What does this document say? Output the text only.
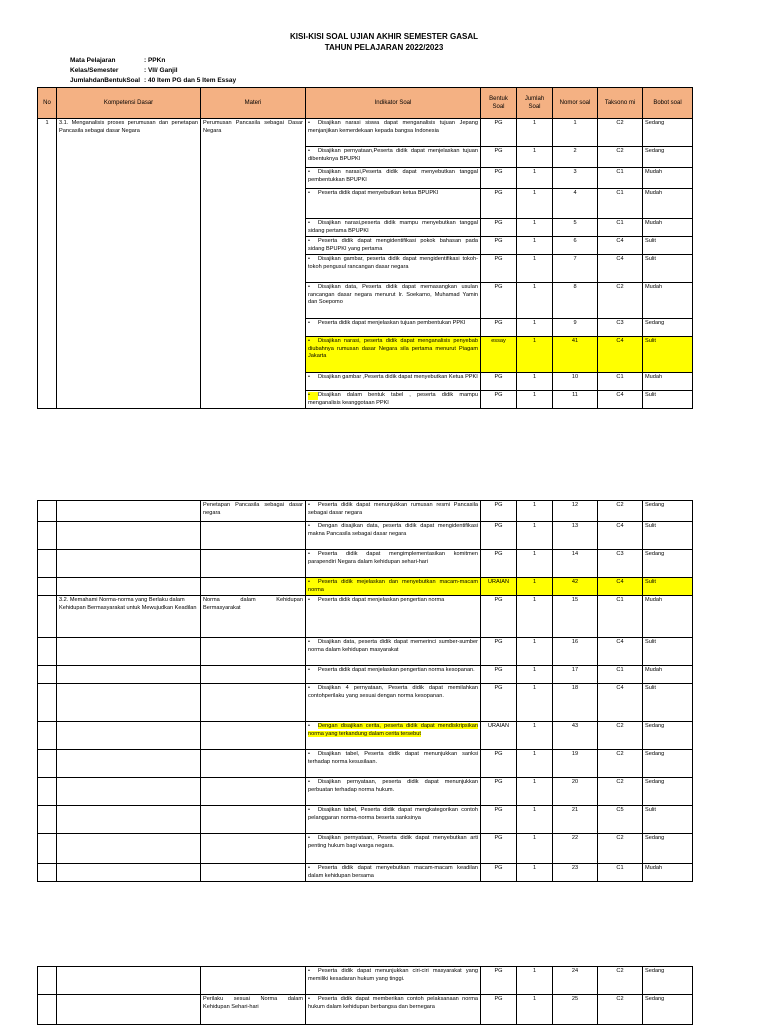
KISI-KISI SOAL UJIAN AKHIR SEMESTER GASAL
TAHUN PELAJARAN 2022/2023
Mata Pelajaran	: PPKn
Kelas/Semester	: VII/ Ganjil
JumlahdanBentukSoal : 40 Item PG dan 5 Item Essay
No	Kompetensi Dasar	Materi	Indikator Soal	Bentuk Soal	Jumlah Soal	Nomor soal	Taksono mi	Bobot soal
1	3.1. Menganalisis proses perumusan dan penetapan Pancasila sebagai dasar Negara	Perumusan Pancasila sebagai Dasar Negara	• Disajikan narasi siswa dapat menganalisis tujuan Jepang menjanjikan kemerdekaan kepada bangsa Indonesia	PG	1	1	C2	Sedang
			• Disajikan pernyataan,Peserta didik dapat menjelaskan tujuan dibentuknya BPUPKI	PG	1	2	C2	Sedang
			• Disajikan narasi,Peserta didik dapat menyebutkan tanggal pembentukkan BPUPKI	PG	1	3	C1	Mudah
			• Peserta didik dapat menyebutkan ketua BPUPKI	PG	1	4	C1	Mudah
			• Disajikan narasi,peserta didik mampu menyebutkan tanggal sidang pertama BPUPKI	PG	1	5	C1	Mudah
			• Peserta didik dapat mengidentifikasi pokok bahasan pada sidang BPUPKI yang pertama	PG	1	6	C4	Sulit
			• Disajikan gambar, peserta didik dapat mengidentifikasi tokoh-tokoh pengusul rancangan dasar negara	PG	1	7	C4	Sulit
			• Disajikan data, Peserta didik dapat memasangkan usulan rancangan dasar negara menurut Ir. Soekarno, Muhamad Yamin dan Soepomo	PG	1	8	C2	Mudah
			• Peserta didik dapat menjelaskan tujuan pembentukan PPKI	PG	1	9	C3	Sedang
			• Disajikan narasi, peserta didik dapat menganalisis penyebab diubahnya rumusan dasar Negara sila pertama menurut Piagam Jakarta	essay	1	41	C4	Sulit
			• Disajikan gambar ,Peserta didik dapat menyebutkan Ketua PPKI	PG	1	10	C1	Mudah
			• Disajikan dalam bentuk tabel , peserta didik mampu menganalisis keanggotaan PPKI	PG	1	11	C4	Sulit
		Penetapan Pancasila sebagai dasar negara	• Peserta didik dapat menunjukkan rumusan resmi Pancasila sebagai dasar negara	PG	1	12	C2	Sedang
			• Dengan disajikan data, peserta didik dapat mengidentifikasi makna Pancasila sebagai dasar negara	PG	1	13	C4	Sulit
			• Peserta didik dapat mengimplementasikan komitmen parapendiri Negara dalam kehidupan sehari-hari	PG	1	14	C3	Sedang
			• Peserta didik mejelaskan dan menyebutkan macam-macam norma	URAIAN	1	42	C4	Sulit
	3.2. Memahami Norma-norma yang Berlaku dalam Kehidupan Bermasyarakat untuk Mewujudkan Keadilan	Norma dalam Kehidupan Bermasyarakat	• Peserta didik dapat menjelaskan pengertian norma	PG	1	15	C1	Mudah
			• Disajikan data, peserta didik dapat memerinci sumber-sumber norma dalam kehidupan masyarakat	PG	1	16	C4	Sulit
			• Peserta didik dapat menjelaskan pengertian norma kesopanan.	PG	1	17	C1	Mudah
			• Disajikan 4 pernyataan, Peserta didik dapat memilahkan contohperilaku yang sesuai dengan norma kesopanan.	PG	1	18	C4	Sulit
			• Dengan disajikan cerita, peserta didik dapat mendiskripsikan norma yang terkandung dalam cerita tersebut	URAIAN	1	43	C2	Sedang
			• Disajikan tabel, Peserta didik dapat menunjukkan sanksi terhadap norma kesusilaan.	PG	1	19	C2	Sedang
			• Disajikan pernyataan, peserta didik dapat menunjukkan perbuatan terhadap norma hukum.	PG	1	20	C2	Sedang
			• Disajikan tabel, Peserta didik dapat mengkategorikan contoh pelanggaran norma-norma beserta sanksinya	PG	1	21	C5	Sulit
			• Disajikan pernyataan, Peserta didik dapat menyebutkan arti penting hukum bagi warga negara.	PG	1	22	C2	Sedang
			• Peserta didik dapat menyebutkan macam-macam keadilan dalam kehidupan bersama	PG	1	23	C1	Mudah
			• Peserta didik dapat menunjukkan ciri-ciri masyarakat yang memiliki kesadaran hukum yang tinggi.	PG	1	24	C2	Sedang
		Perilaku sesuai Norma dalam Kehidupan Sehari-hari	• Peserta didik dapat memberikan contoh pelaksanaan norma hukum dalam kehidupan berbangsa dan bernegara	PG	1	25	C2	Sedang
